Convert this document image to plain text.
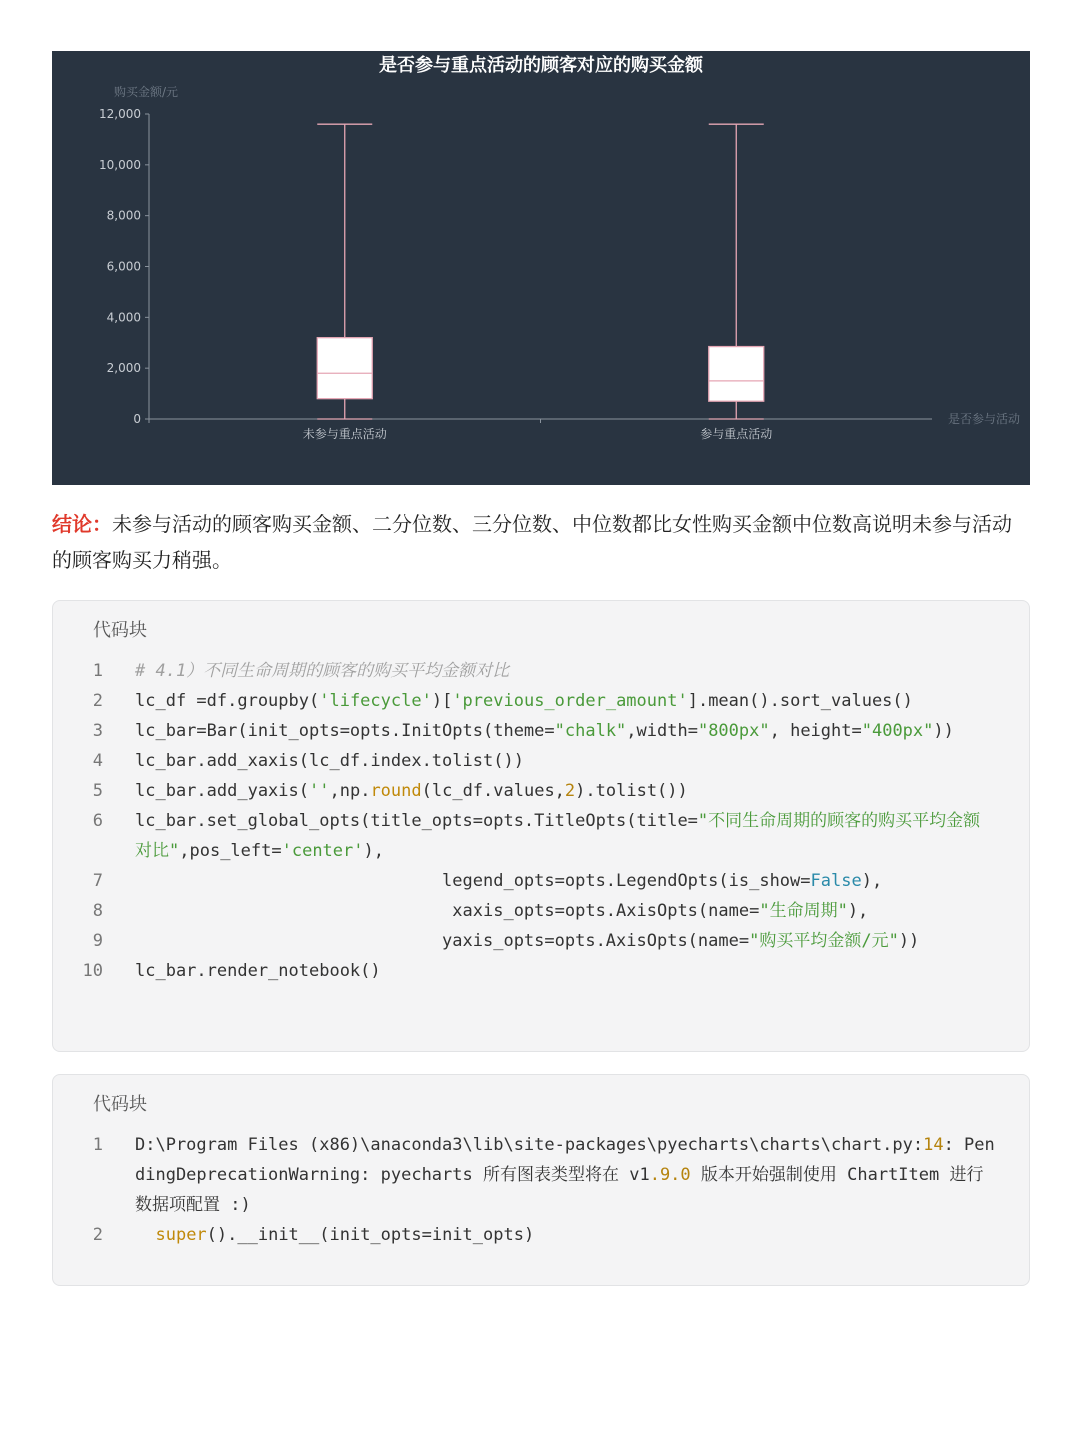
是否参与重点活动的顾客对应的购买金额
购买金额/元
是否参与活动
0
2,000
4,000
6,000
8,000
10,000
12,000
未参与重点活动	参与重点活动
结论：未参与活动的顾客购买金额、二分位数、三分位数、中位数都比女性购买金额中位数高说明未参与活动的顾客购买力稍强。
代码块
1 # 4.1）不同生命周期的顾客的购买平均金额对比
2 lc_df =df.groupby('lifecycle')['previous_order_amount'].mean().sort_values()
3 lc_bar=Bar(init_opts=opts.InitOpts(theme="chalk",width="800px", height="400px"))
4 lc_bar.add_xaxis(lc_df.index.tolist())
5 lc_bar.add_yaxis('',np.round(lc_df.values,2).tolist())
6 lc_bar.set_global_opts(title_opts=opts.TitleOpts(title="不同生命周期的顾客的购买平均金额对比",pos_left='center'),
7 legend_opts=opts.LegendOpts(is_show=False),
8 xaxis_opts=opts.AxisOpts(name="生命周期"),
9 yaxis_opts=opts.AxisOpts(name="购买平均金额/元"))
10 lc_bar.render_notebook()
代码块
1 D:\Program Files (x86)\anaconda3\lib\site-packages\pyecharts\charts\chart.py:14: PendingDeprecationWarning: pyecharts 所有图表类型将在 v1.9.0 版本开始强制使用 ChartItem 进行数据项配置 :)
2	super().__init__(init_opts=init_opts)
